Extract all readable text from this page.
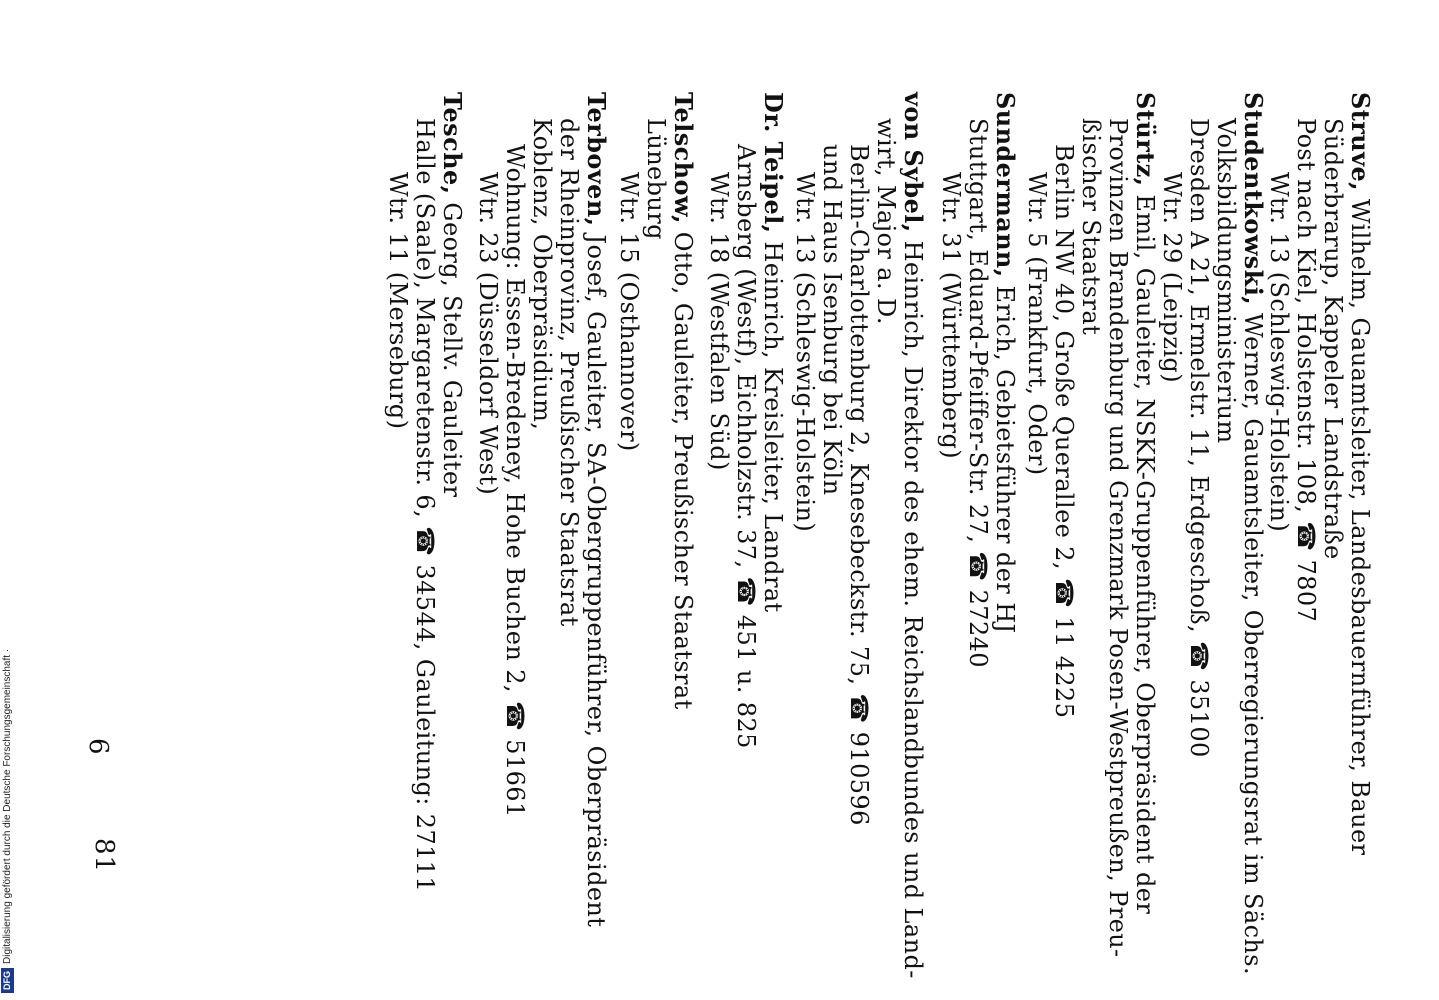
Struve, Wilhelm, Gauamtsleiter, Landesbauernführer, Bauer
Süderbrarup, Kappeler Landstraße
Post nach Kiel, Holstenstr. 108, ☎ 7807
Wtr. 13 (Schleswig-Holstein)
Studentkowski, Werner, Gauamtsleiter, Oberregierungsrat im Sächs.
Volksbildungsministerium
Dresden A 21, Ermelstr. 11, Erdgeschoß, ☎ 35100
Wtr. 29 (Leipzig)
Stürtz, Emil, Gauleiter, NSKK-Gruppenführer, Oberpräsident der
Provinzen Brandenburg und Grenzmark Posen-Westpreußen, Preu-
ßischer Staatsrat
Berlin NW 40, Große Querallee 2, ☎ 11 4225
Wtr. 5 (Frankfurt, Oder)
Sundermann, Erich, Gebietsführer der HJ
Stuttgart, Eduard-Pfeiffer-Str. 27, ☎ 27240
Wtr. 31 (Württemberg)
von Sybel, Heinrich, Direktor des ehem. Reichslandbundes und Land-
wirt, Major a. D.
Berlin-Charlottenburg 2, Knesebeckstr. 75, ☎ 910596
und Haus Isenburg bei Köln
Wtr. 13 (Schleswig-Holstein)
Dr. Teipel, Heinrich, Kreisleiter, Landrat
Arnsberg (Westf), Eichholzstr. 37, ☎ 451 u. 825
Wtr. 18 (Westfalen Süd)
Telschow, Otto, Gauleiter, Preußischer Staatsrat
Lüneburg
Wtr. 15 (Osthannover)
Terboven, Josef, Gauleiter, SA-Obergruppenführer, Oberpräsident
der Rheinprovinz, Preußischer Staatsrat
Koblenz, Oberpräsidium,
Wohnung: Essen-Bredeney, Hohe Buchen 2, ☎ 51661
Wtr. 23 (Düsseldorf West)
Tesche, Georg, Stellv. Gauleiter
Halle (Saale), Margaretenstr. 6, ☎ 34544, Gauleitung: 27111
Wtr. 11 (Merseburg)
6
81
DFGDigitalisierung gefördert durch die Deutsche Forschungsgemeinschaft ·
